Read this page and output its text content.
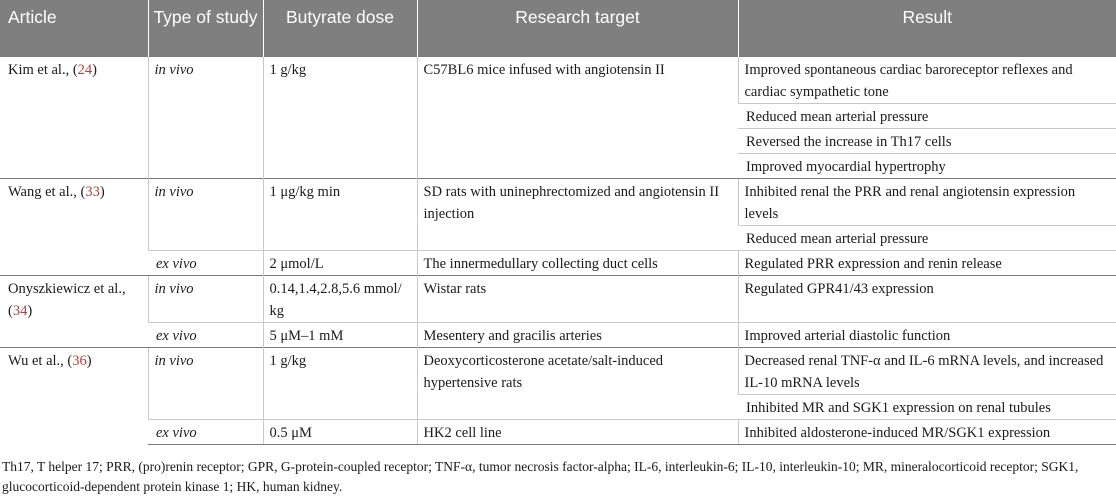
Article	Type of study	Butyrate dose	Research target	Result

Kim et al., (24)	in vivo	1 g/kg	C57BL6 mice infused with angiotensin II	Improved spontaneous cardiac baroreceptor reflexes and cardiac sympathetic tone
				Reduced mean arterial pressure
				Reversed the increase in Th17 cells
				Improved myocardial hypertrophy
Wang et al., (33)	in vivo	1 μg/kg min	SD rats with uninephrectomized and angiotensin II injection	Inhibited renal the PRR and renal angiotensin expression levels
				Reduced mean arterial pressure
	ex vivo	2 μmol/L	The innermedullary collecting duct cells	Regulated PRR expression and renin release
Onyszkiewicz et al., (34)	in vivo	0.14,1.4,2.8,5.6 mmol/ kg	Wistar rats	Regulated GPR41/43 expression
	ex vivo	5 μM–1 mM	Mesentery and gracilis arteries	Improved arterial diastolic function
Wu et al., (36)	in vivo	1 g/kg	Deoxycorticosterone acetate/salt-induced hypertensive rats	Decreased renal TNF-α and IL-6 mRNA levels, and increased IL-10 mRNA levels
				Inhibited MR and SGK1 expression on renal tubules
	ex vivo	0.5 μM	HK2 cell line	Inhibited aldosterone-induced MR/SGK1 expression
Th17, T helper 17; PRR, (pro)renin receptor; GPR, G-protein-coupled receptor; TNF-α, tumor necrosis factor-alpha; IL-6, interleukin-6; IL-10, interleukin-10; MR, mineralocorticoid receptor; SGK1, glucocorticoid-dependent protein kinase 1; HK, human kidney.
